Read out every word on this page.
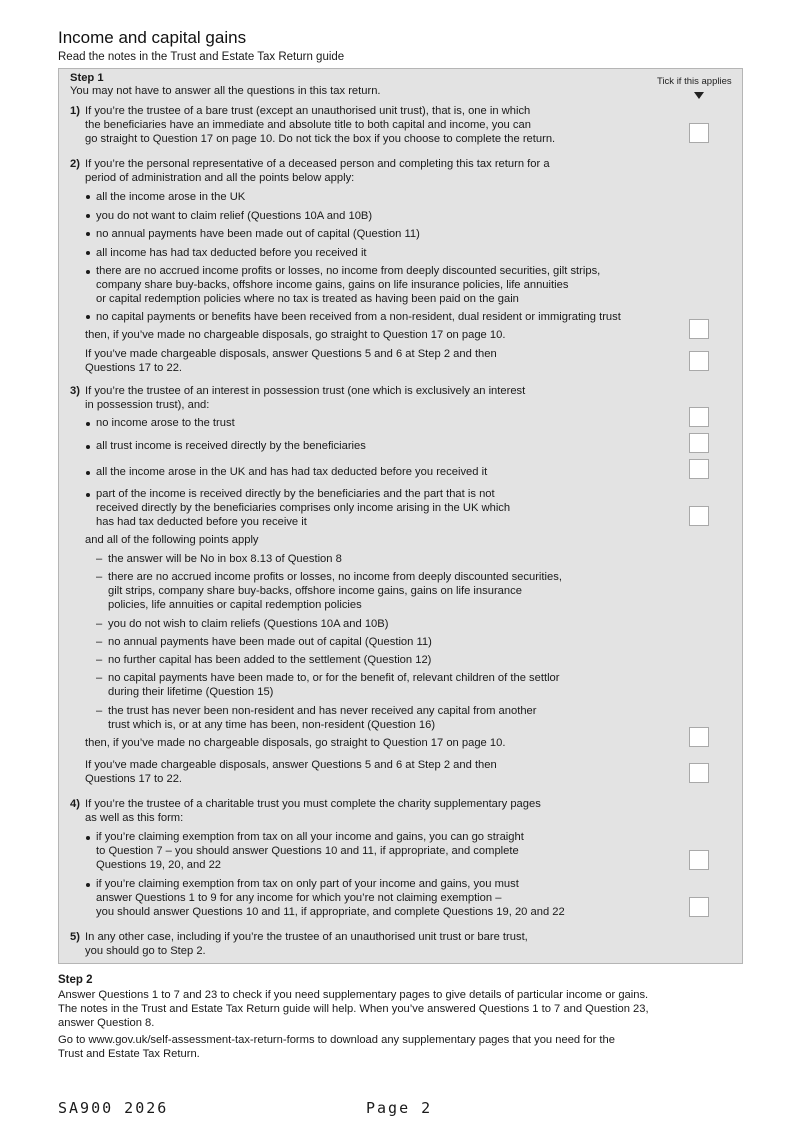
Income and capital gains
Read the notes in the Trust and Estate Tax Return guide
Step 1
You may not have to answer all the questions in this tax return.
Tick if this applies
1) If you’re the trustee of a bare trust (except an unauthorised unit trust), that is, one in which
the beneficiaries have an immediate and absolute title to both capital and income, you can
go straight to Question 17 on page 10. Do not tick the box if you choose to complete the return.
2) If you’re the personal representative of a deceased person and completing this tax return for a
period of administration and all the points below apply:
all the income arose in the UK
you do not want to claim relief (Questions 10A and 10B)
no annual payments have been made out of capital (Question 11)
all income has had tax deducted before you received it
there are no accrued income profits or losses, no income from deeply discounted securities, gilt strips,
company share buy-backs, offshore income gains, gains on life insurance policies, life annuities
or capital redemption policies where no tax is treated as having been paid on the gain
no capital payments or benefits have been received from a non-resident, dual resident or immigrating trust
then, if you’ve made no chargeable disposals, go straight to Question 17 on page 10.
If you’ve made chargeable disposals, answer Questions 5 and 6 at Step 2 and then
Questions 17 to 22.
3) If you’re the trustee of an interest in possession trust (one which is exclusively an interest
in possession trust), and:
no income arose to the trust
all trust income is received directly by the beneficiaries
all the income arose in the UK and has had tax deducted before you received it
part of the income is received directly by the beneficiaries and the part that is not
received directly by the beneficiaries comprises only income arising in the UK which
has had tax deducted before you receive it
and all of the following points apply
– the answer will be No in box 8.13 of Question 8
– there are no accrued income profits or losses, no income from deeply discounted securities,
gilt strips, company share buy-backs, offshore income gains, gains on life insurance
policies, life annuities or capital redemption policies
– you do not wish to claim reliefs (Questions 10A and 10B)
– no annual payments have been made out of capital (Question 11)
– no further capital has been added to the settlement (Question 12)
– no capital payments have been made to, or for the benefit of, relevant children of the settlor
during their lifetime (Question 15)
– the trust has never been non-resident and has never received any capital from another
trust which is, or at any time has been, non-resident (Question 16)
then, if you’ve made no chargeable disposals, go straight to Question 17 on page 10.
If you’ve made chargeable disposals, answer Questions 5 and 6 at Step 2 and then
Questions 17 to 22.
4) If you’re the trustee of a charitable trust you must complete the charity supplementary pages
as well as this form:
if you’re claiming exemption from tax on all your income and gains, you can go straight
to Question 7 – you should answer Questions 10 and 11, if appropriate, and complete
Questions 19, 20, and 22
if you’re claiming exemption from tax on only part of your income and gains, you must
answer Questions 1 to 9 for any income for which you’re not claiming exemption –
you should answer Questions 10 and 11, if appropriate, and complete Questions 19, 20 and 22
5) In any other case, including if you’re the trustee of an unauthorised unit trust or bare trust,
you should go to Step 2.
Step 2
Answer Questions 1 to 7 and 23 to check if you need supplementary pages to give details of particular income or gains.
The notes in the Trust and Estate Tax Return guide will help. When you’ve answered Questions 1 to 7 and Question 23,
answer Question 8.
Go to www.gov.uk/self-assessment-tax-return-forms to download any supplementary pages that you need for the
Trust and Estate Tax Return.
SA900 2026	Page 2
